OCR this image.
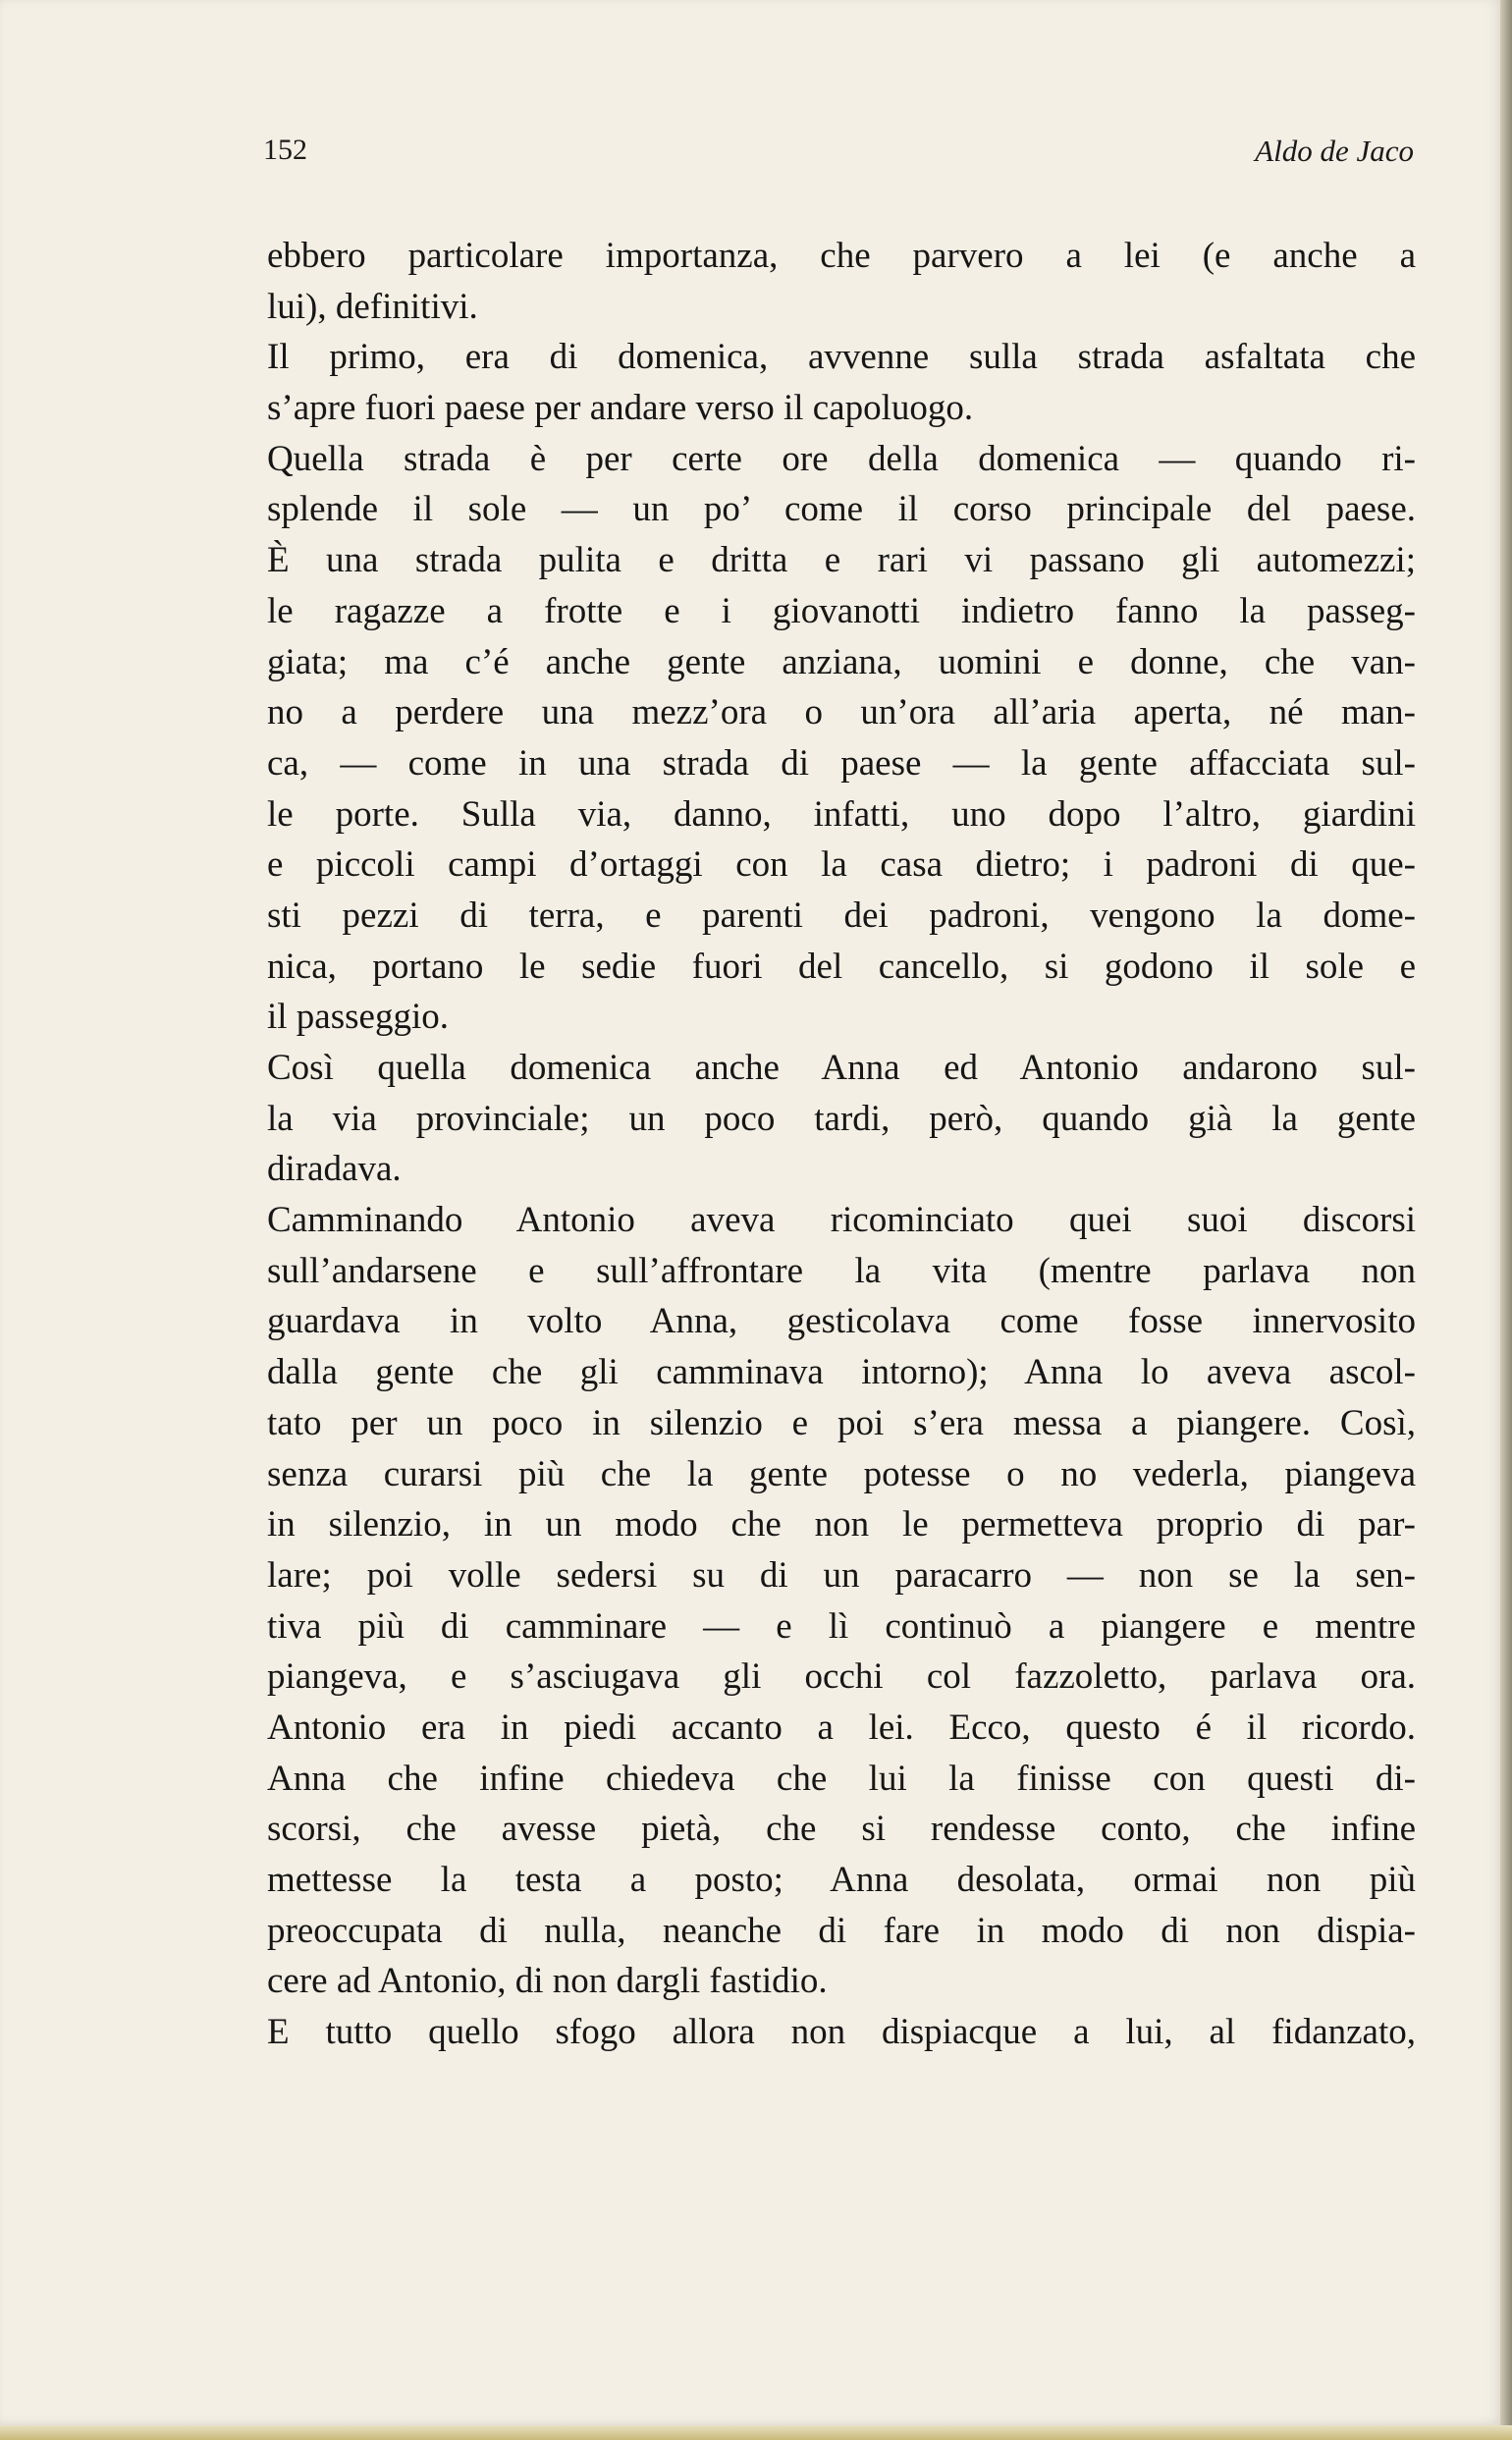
152	Aldo de Jaco
ebbero particolare importanza, che parvero a lei (e anche a
lui), definitivi.
Il primo, era di domenica, avvenne sulla strada asfaltata che
s’apre fuori paese per andare verso il capoluogo.
Quella strada è per certe ore della domenica — quando ri-
splende il sole — un po’ come il corso principale del paese.
È una strada pulita e dritta e rari vi passano gli automezzi;
le ragazze a frotte e i giovanotti indietro fanno la passeg-
giata; ma c’é anche gente anziana, uomini e donne, che van-
no a perdere una mezz’ora o un’ora all’aria aperta, né man-
ca, — come in una strada di paese — la gente affacciata sul-
le porte. Sulla via, danno, infatti, uno dopo l’altro, giardini
e piccoli campi d’ortaggi con la casa dietro; i padroni di que-
sti pezzi di terra, e parenti dei padroni, vengono la dome-
nica, portano le sedie fuori del cancello, si godono il sole e
il passeggio.
Così quella domenica anche Anna ed Antonio andarono sul-
la via provinciale; un poco tardi, però, quando già la gente
diradava.
Camminando Antonio aveva ricominciato quei suoi discorsi
sull’andarsene e sull’affrontare la vita (mentre parlava non
guardava in volto Anna, gesticolava come fosse innervosito
dalla gente che gli camminava intorno); Anna lo aveva ascol-
tato per un poco in silenzio e poi s’era messa a piangere. Così,
senza curarsi più che la gente potesse o no vederla, piangeva
in silenzio, in un modo che non le permetteva proprio di par-
lare; poi volle sedersi su di un paracarro — non se la sen-
tiva più di camminare — e lì continuò a piangere e mentre
piangeva, e s’asciugava gli occhi col fazzoletto, parlava ora.
Antonio era in piedi accanto a lei. Ecco, questo é il ricordo.
Anna che infine chiedeva che lui la finisse con questi di-
scorsi, che avesse pietà, che si rendesse conto, che infine
mettesse la testa a posto; Anna desolata, ormai non più
preoccupata di nulla, neanche di fare in modo di non dispia-
cere ad Antonio, di non dargli fastidio.
E tutto quello sfogo allora non dispiacque a lui, al fidanzato,
